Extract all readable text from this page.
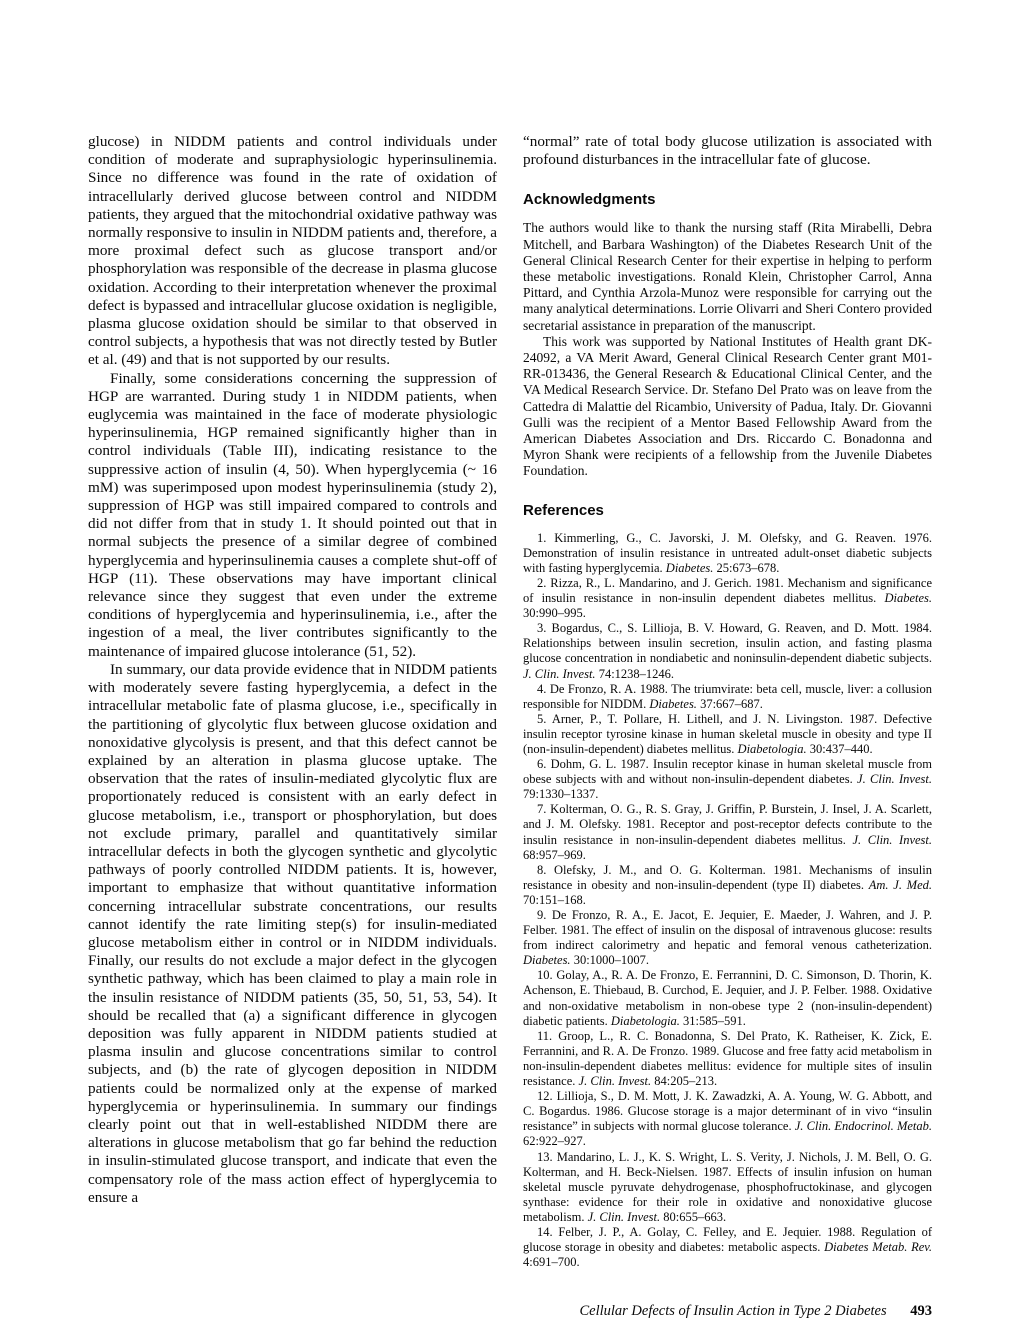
glucose) in NIDDM patients and control individuals under condition of moderate and supraphysiologic hyperinsulinemia. Since no difference was found in the rate of oxidation of intracellularly derived glucose between control and NIDDM patients, they argued that the mitochondrial oxidative pathway was normally responsive to insulin in NIDDM patients and, therefore, a more proximal defect such as glucose transport and/or phosphorylation was responsible of the decrease in plasma glucose oxidation. According to their interpretation whenever the proximal defect is bypassed and intracellular glucose oxidation is negligible, plasma glucose oxidation should be similar to that observed in control subjects, a hypothesis that was not directly tested by Butler et al. (49) and that is not supported by our results.

Finally, some considerations concerning the suppression of HGP are warranted. During study 1 in NIDDM patients, when euglycemia was maintained in the face of moderate physiologic hyperinsulinemia, HGP remained significantly higher than in control individuals (Table III), indicating resistance to the suppressive action of insulin (4, 50). When hyperglycemia (~ 16 mM) was superimposed upon modest hyperinsulinemia (study 2), suppression of HGP was still impaired compared to controls and did not differ from that in study 1. It should pointed out that in normal subjects the presence of a similar degree of combined hyperglycemia and hyperinsulinemia causes a complete shut-off of HGP (11). These observations may have important clinical relevance since they suggest that even under the extreme conditions of hyperglycemia and hyperinsulinemia, i.e., after the ingestion of a meal, the liver contributes significantly to the maintenance of impaired glucose intolerance (51, 52).

In summary, our data provide evidence that in NIDDM patients with moderately severe fasting hyperglycemia, a defect in the intracellular metabolic fate of plasma glucose, i.e., specifically in the partitioning of glycolytic flux between glucose oxidation and nonoxidative glycolysis is present, and that this defect cannot be explained by an alteration in plasma glucose uptake. The observation that the rates of insulin-mediated glycolytic flux are proportionately reduced is consistent with an early defect in glucose metabolism, i.e., transport or phosphorylation, but does not exclude primary, parallel and quantitatively similar intracellular defects in both the glycogen synthetic and glycolytic pathways of poorly controlled NIDDM patients. It is, however, important to emphasize that without quantitative information concerning intracellular substrate concentrations, our results cannot identify the rate limiting step(s) for insulin-mediated glucose metabolism either in control or in NIDDM individuals. Finally, our results do not exclude a major defect in the glycogen synthetic pathway, which has been claimed to play a main role in the insulin resistance of NIDDM patients (35, 50, 51, 53, 54). It should be recalled that (a) a significant difference in glycogen deposition was fully apparent in NIDDM patients studied at plasma insulin and glucose concentrations similar to control subjects, and (b) the rate of glycogen deposition in NIDDM patients could be normalized only at the expense of marked hyperglycemia or hyperinsulinemia. In summary our findings clearly point out that in well-established NIDDM there are alterations in glucose metabolism that go far behind the reduction in insulin-stimulated glucose transport, and indicate that even the compensatory role of the mass action effect of hyperglycemia to ensure a

“normal” rate of total body glucose utilization is associated with profound disturbances in the intracellular fate of glucose.

Acknowledgments

The authors would like to thank the nursing staff (Rita Mirabelli, Debra Mitchell, and Barbara Washington) of the Diabetes Research Unit of the General Clinical Research Center for their expertise in helping to perform these metabolic investigations. Ronald Klein, Christopher Carrol, Anna Pittard, and Cynthia Arzola-Munoz were responsible for carrying out the many analytical determinations. Lorrie Olivarri and Sheri Contero provided secretarial assistance in preparation of the manuscript.

This work was supported by National Institutes of Health grant DK-24092, a VA Merit Award, General Clinical Research Center grant M01-RR-013436, the General Research & Educational Clinical Center, and the VA Medical Research Service. Dr. Stefano Del Prato was on leave from the Cattedra di Malattie del Ricambio, University of Padua, Italy. Dr. Giovanni Gulli was the recipient of a Mentor Based Fellowship Award from the American Diabetes Association and Drs. Riccardo C. Bonadonna and Myron Shank were recipients of a fellowship from the Juvenile Diabetes Foundation.

References

1. Kimmerling, G., C. Javorski, J. M. Olefsky, and G. Reaven. 1976. Demonstration of insulin resistance in untreated adult-onset diabetic subjects with fasting hyperglycemia. Diabetes. 25:673–678.

2. Rizza, R., L. Mandarino, and J. Gerich. 1981. Mechanism and significance of insulin resistance in non-insulin dependent diabetes mellitus. Diabetes. 30:990–995.

3. Bogardus, C., S. Lillioja, B. V. Howard, G. Reaven, and D. Mott. 1984. Relationships between insulin secretion, insulin action, and fasting plasma glucose concentration in nondiabetic and noninsulin-dependent diabetic subjects. J. Clin. Invest. 74:1238–1246.

4. De Fronzo, R. A. 1988. The triumvirate: beta cell, muscle, liver: a collusion responsible for NIDDM. Diabetes. 37:667–687.

5. Arner, P., T. Pollare, H. Lithell, and J. N. Livingston. 1987. Defective insulin receptor tyrosine kinase in human skeletal muscle in obesity and type II (non-insulin-dependent) diabetes mellitus. Diabetologia. 30:437–440.

6. Dohm, G. L. 1987. Insulin receptor kinase in human skeletal muscle from obese subjects with and without non-insulin-dependent diabetes. J. Clin. Invest. 79:1330–1337.

7. Kolterman, O. G., R. S. Gray, J. Griffin, P. Burstein, J. Insel, J. A. Scarlett, and J. M. Olefsky. 1981. Receptor and post-receptor defects contribute to the insulin resistance in non-insulin-dependent diabetes mellitus. J. Clin. Invest. 68:957–969.

8. Olefsky, J. M., and O. G. Kolterman. 1981. Mechanisms of insulin resistance in obesity and non-insulin-dependent (type II) diabetes. Am. J. Med. 70:151–168.

9. De Fronzo, R. A., E. Jacot, E. Jequier, E. Maeder, J. Wahren, and J. P. Felber. 1981. The effect of insulin on the disposal of intravenous glucose: results from indirect calorimetry and hepatic and femoral venous catheterization. Diabetes. 30:1000–1007.

10. Golay, A., R. A. De Fronzo, E. Ferrannini, D. C. Simonson, D. Thorin, K. Achenson, E. Thiebaud, B. Curchod, E. Jequier, and J. P. Felber. 1988. Oxidative and non-oxidative metabolism in non-obese type 2 (non-insulin-dependent) diabetic patients. Diabetologia. 31:585–591.

11. Groop, L., R. C. Bonadonna, S. Del Prato, K. Ratheiser, K. Zick, E. Ferrannini, and R. A. De Fronzo. 1989. Glucose and free fatty acid metabolism in non-insulin-dependent diabetes mellitus: evidence for multiple sites of insulin resistance. J. Clin. Invest. 84:205–213.

12. Lillioja, S., D. M. Mott, J. K. Zawadzki, A. A. Young, W. G. Abbott, and C. Bogardus. 1986. Glucose storage is a major determinant of in vivo “insulin resistance” in subjects with normal glucose tolerance. J. Clin. Endocrinol. Metab. 62:922–927.

13. Mandarino, L. J., K. S. Wright, L. S. Verity, J. Nichols, J. M. Bell, O. G. Kolterman, and H. Beck-Nielsen. 1987. Effects of insulin infusion on human skeletal muscle pyruvate dehydrogenase, phosphofructokinase, and glycogen synthase: evidence for their role in oxidative and nonoxidative glucose metabolism. J. Clin. Invest. 80:655–663.

14. Felber, J. P., A. Golay, C. Felley, and E. Jequier. 1988. Regulation of glucose storage in obesity and diabetes: metabolic aspects. Diabetes Metab. Rev. 4:691–700.

Cellular Defects of Insulin Action in Type 2 Diabetes 493
